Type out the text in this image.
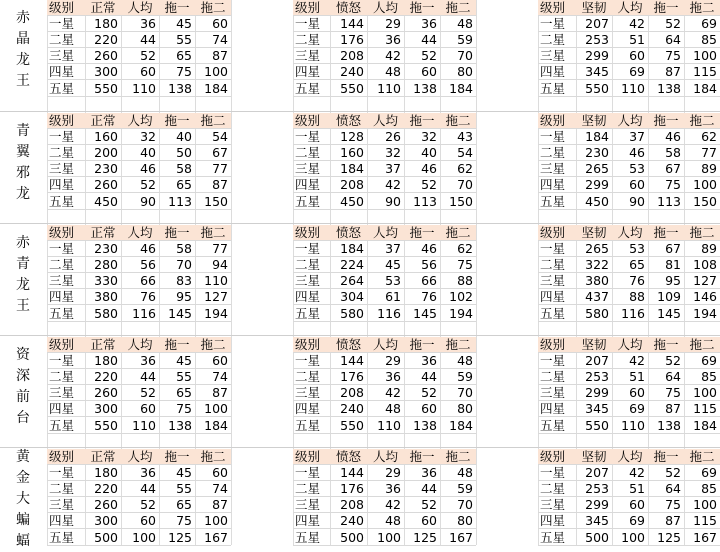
赤
晶
龙
王
级别	正常 人均 拖一 拖二
一星	180	36	45	60
二星	220	44	55	74
三星	260	52	65	87
四星	300	60	75 100
五星	550	110 138 184
级别	愤怒 人均 拖一 拖二
一星	144	29	36	48
二星	176	36	44	59
三星	208	42	52	70
四星	240	48	60	80
五星	550	110 138 184
级别	坚韧 人均 拖一 拖二
一星	207	42	52	69
二星	253	51	64	85
三星	299	60	75 100
四星	345	69	87 115
五星	550 110 138 184
青
翼
邪
龙
级别	正常 人均 拖一 拖二
一星	160	32	40	54
二星	200	40	50	67
三星	230	46	58	77
四星	260	52	65	87
五星	450	90 113 150
级别	愤怒 人均 拖一 拖二
一星	128	26	32	43
二星	160	32	40	54
三星	184	37	46	62
四星	208	42	52	70
五星	450	90 113 150
级别	坚韧 人均 拖一 拖二
一星	184	37	46	62
二星	230	46	58	77
三星	265	53	67	89
四星	299	60	75 100
五星	450	90 113 150
赤
青
龙
王
级别	正常 人均 拖一 拖二
一星	230	46	58	77
二星	280	56	70	94
三星	330	66	83 110
四星	380	76	95 127
五星	580	116 145 194
级别	愤怒 人均 拖一 拖二
一星	184	37	46	62
二星	224	45	56	75
三星	264	53	66	88
四星	304	61	76 102
五星	580	116 145 194
级别	坚韧 人均 拖一 拖二
一星	265	53	67	89
二星	322	65	81 108
三星	380	76	95 127
四星	437	88 109 146
五星	580 116 145 194
资
深
前
台
级别	正常 人均 拖一 拖二
一星	180	36	45	60
二星	220	44	55	74
三星	260	52	65	87
四星	300	60	75 100
五星	550	110 138 184
级别	愤怒 人均 拖一 拖二
一星	144	29	36	48
二星	176	36	44	59
三星	208	42	52	70
四星	240	48	60	80
五星	550	110 138 184
级别	坚韧 人均 拖一 拖二
一星	207	42	52	69
二星	253	51	64	85
三星	299	60	75 100
四星	345	69	87 115
五星	550 110 138 184
黄
金
大
蝙
蝠
级别	正常 人均 拖一 拖二
一星	180	36	45	60
二星	220	44	55	74
三星	260	52	65	87
四星	300	60	75 100
五星	500	100 125 167
级别	愤怒 人均 拖一 拖二
一星	144	29	36	48
二星	176	36	44	59
三星	208	42	52	70
四星	240	48	60	80
五星	500	100 125 167
级别	坚韧 人均 拖一 拖二
一星	207	42	52	69
二星	253	51	64	85
三星	299	60	75 100
四星	345	69	87 115
五星	500 100 125 167
